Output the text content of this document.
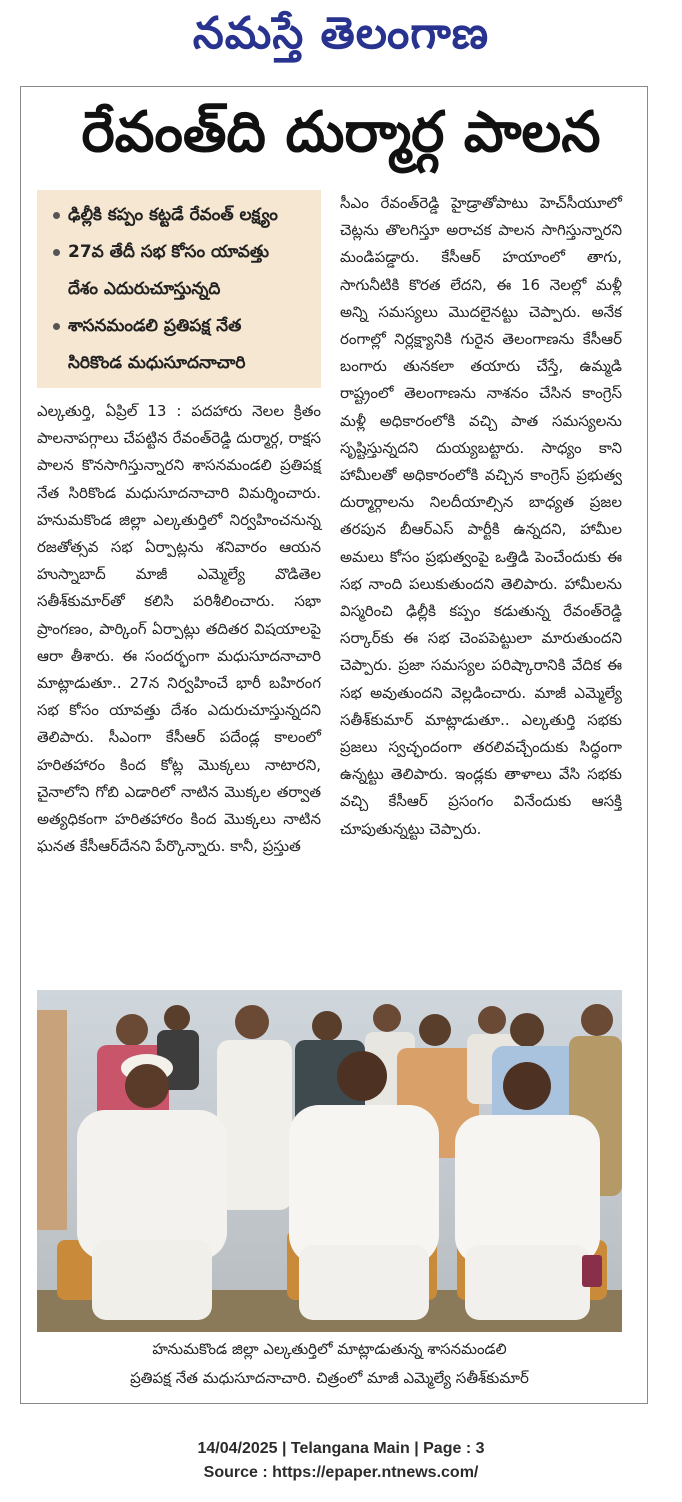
నమస్తే తెలంగాణ
రేవంత్‌ది దుర్మార్గ పాలన
ఢిల్లీకి కప్పం కట్టడే రేవంత్ లక్ష్యం
27వ తేదీ సభ కోసం యావత్తు
దేశం ఎదురుచూస్తున్నది
శాసనమండలి ప్రతిపక్ష నేత
సిరికొండ మధుసూదనాచారి

ఎల్కతుర్తి, ఏప్రిల్ 13 : పదహారు నెలల క్రితం పాలనాపగ్గాలు చేపట్టిన రేవంత్‌రెడ్డి దుర్మార్గ, రాక్షస పాలన కొనసాగిస్తున్నారని శాసనమండలి ప్రతిపక్ష నేత సిరికొండ మధుసూదనాచారి విమర్శించారు. హనుమకొండ జిల్లా ఎల్కతుర్తిలో నిర్వహించనున్న రజతోత్సవ సభ ఏర్పాట్లను శనివారం ఆయన హుస్నాబాద్ మాజీ ఎమ్మెల్యే వొడితెల సతీశ్‌కుమార్‌తో కలిసి పరిశీలించారు. సభా ప్రాంగణం, పార్కింగ్ ఏర్పాట్లు తదితర విషయాలపై ఆరా తీశారు. ఈ సందర్భంగా మధుసూదనాచారి మాట్లాడుతూ.. 27న నిర్వహించే భారీ బహిరంగ సభ కోసం యావత్తు దేశం ఎదురుచూస్తున్నదని తెలిపారు. సీఎంగా కేసీఆర్ పదేండ్ల కాలంలో హరితహారం కింద కోట్ల మొక్కలు నాటారని, చైనాలోని గోబి ఎడారిలో నాటిన మొక్కల తర్వాత అత్యధికంగా హరితహారం కింద మొక్కలు నాటిన ఘనత కేసీఆర్‌దేనని పేర్కొన్నారు. కానీ, ప్రస్తుత

సీఎం రేవంత్‌రెడ్డి హైడ్రాతోపాటు హెచ్‌సీయూలో చెట్లను తొలగిస్తూ అరాచక పాలన సాగిస్తున్నారని మండిపడ్డారు. కేసీఆర్ హయాంలో తాగు, సాగునీటికి కొరత లేదని, ఈ 16 నెలల్లో మళ్లీ అన్ని సమస్యలు మొదలైనట్టు చెప్పారు. అనేక రంగాల్లో నిర్లక్ష్యానికి గురైన తెలంగాణను కేసీఆర్ బంగారు తునకలా తయారు చేస్తే, ఉమ్మడి రాష్ట్రంలో తెలంగాణను నాశనం చేసిన కాంగ్రెస్ మళ్లీ అధికారంలోకి వచ్చి పాత సమస్యలను సృష్టిస్తున్నదని దుయ్యబట్టారు. సాధ్యం కాని హామీలతో అధికారంలోకి వచ్చిన కాంగ్రెస్ ప్రభుత్వ దుర్మార్గాలను నిలదీయాల్సిన బాధ్యత ప్రజల తరపున బీఆర్‌ఎస్ పార్టీకి ఉన్నదని, హామీల అమలు కోసం ప్రభుత్వంపై ఒత్తిడి పెంచేందుకు ఈ సభ నాంది పలుకుతుందని తెలిపారు. హామీలను విస్మరించి ఢిల్లీకి కప్పం కడుతున్న రేవంత్‌రెడ్డి సర్కార్‌కు ఈ సభ చెంపపెట్టులా మారుతుందని చెప్పారు. ప్రజా సమస్యల పరిష్కారానికి వేదిక ఈ సభ అవుతుందని వెల్లడించారు. మాజీ ఎమ్మెల్యే సతీశ్‌కుమార్ మాట్లాడుతూ.. ఎల్కతుర్తి సభకు ప్రజలు స్వచ్ఛందంగా తరలివచ్చేందుకు సిద్ధంగా ఉన్నట్టు తెలిపారు. ఇండ్లకు తాళాలు వేసి సభకు వచ్చి కేసీఆర్ ప్రసంగం వినేందుకు ఆసక్తి చూపుతున్నట్టు చెప్పారు.

హనుమకొండ జిల్లా ఎల్కతుర్తిలో మాట్లాడుతున్న శాసనమండలి
ప్రతిపక్ష నేత మధుసూదనాచారి. చిత్రంలో మాజీ ఎమ్మెల్యే సతీశ్‌కుమార్
14/04/2025 | Telangana Main | Page : 3
Source : https://epaper.ntnews.com/
